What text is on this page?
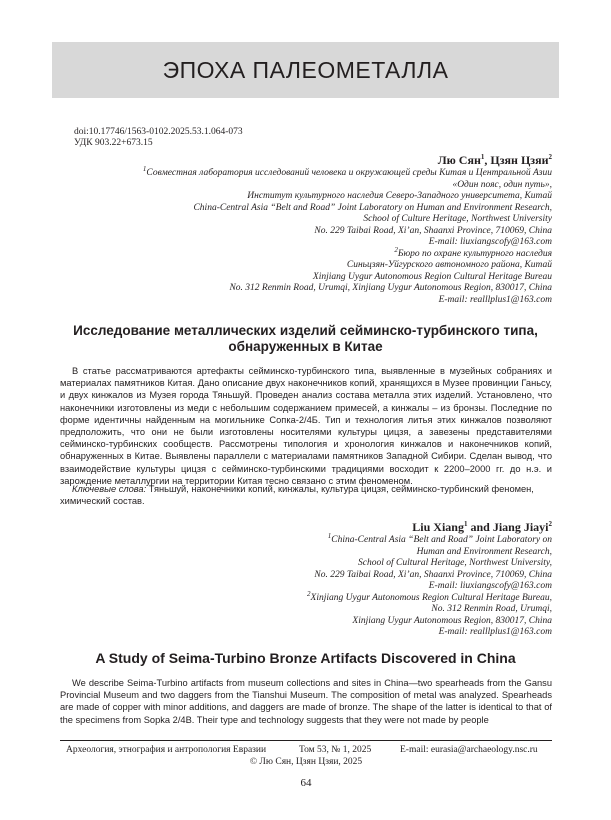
ЭПОХА ПАЛЕОМЕТАЛЛА
doi:10.17746/1563-0102.2025.53.1.064-073
УДК 903.22+673.15
Лю Сян$^1$, Цзян Цзяи$^2$
$^1$Совместная лаборатория исследований человека и окружающей среды Китая и Центральной Азии
«Один пояс, один путь»,
Институт культурного наследия Северо-Западного университета, Китай
China-Central Asia “Belt and Road” Joint Laboratory on Human and Environment Research,
School of Culture Heritage, Northwest University
No. 229 Taibai Road, Xi’an, Shaanxi Province, 710069, China
E-mail: liuxiangscofy@163.com
$^2$Бюро по охране культурного наследия
Синьцзян-Уйгурского автономного района, Китай
Xinjiang Uygur Autonomous Region Cultural Heritage Bureau
No. 312 Renmin Road, Urumqi, Xinjiang Uygur Autonomous Region, 830017, China
E-mail: realllplus1@163.com
Исследование металлических изделий сейминско-турбинского типа,
обнаруженных в Китае

В статье рассматриваются артефакты сейминско-турбинского типа, выявленные в музейных собраниях и материалах памятников Китая. Дано описание двух наконечников копий, хранящихся в Музее провинции Ганьсу, и двух кинжалов из Музея города Тяньшуй. Проведен анализ состава металла этих изделий. Установлено, что наконечники изготовлены из меди с небольшим содержанием примесей, а кинжалы – из бронзы. Последние по форме идентичны найденным на могильнике Сопка-2/4Б. Тип и технология литья этих кинжалов позволяют предположить, что они не были изготовлены носителями культуры цицзя, а завезены представителями сейминско-турбинских сообществ. Рассмотрены типология и хронология кинжалов и наконечников копий, обнаруженных в Китае. Выявлены параллели с материалами памятников Западной Сибири. Сделан вывод, что взаимодействие культуры цицзя с сейминско-турбинскими традициями восходит к 2200–2000 гг. до н.э. и зарождение металлургии на территории Китая тесно связано с этим феноменом.

Ключевые слова: Тяньшуй, наконечники копий, кинжалы, культура цицзя, сейминско-турбинский феномен, химический состав.
Liu Xiang$^1$ and Jiang Jiayi$^2$
$^1$China-Central Asia “Belt and Road” Joint Laboratory on
Human and Environment Research,
School of Cultural Heritage, Northwest University,
No. 229 Taibai Road, Xi’an, Shaanxi Province, 710069, China
E-mail: liuxiangscofy@163.com
$^2$Xinjiang Uygur Autonomous Region Cultural Heritage Bureau,
No. 312 Renmin Road, Urumqi,
Xinjiang Uygur Autonomous Region, 830017, China
E-mail: realllplus1@163.com
A Study of Seima-Turbino Bronze Artifacts Discovered in China

We describe Seima-Turbino artifacts from museum collections and sites in China—two spearheads from the Gansu Provincial Museum and two daggers from the Tianshui Museum. The composition of metal was analyzed. Spearheads are made of copper with minor additions, and daggers are made of bronze. The shape of the latter is identical to that of the specimens from Sopka 2/4B. Their type and technology suggests that they were not made by people

Археология, этнография и антропология Евразии	Том 53, № 1, 2025	E-mail: eurasia@archaeology.nsc.ru
© Лю Сян, Цзян Цзяи, 2025
64
